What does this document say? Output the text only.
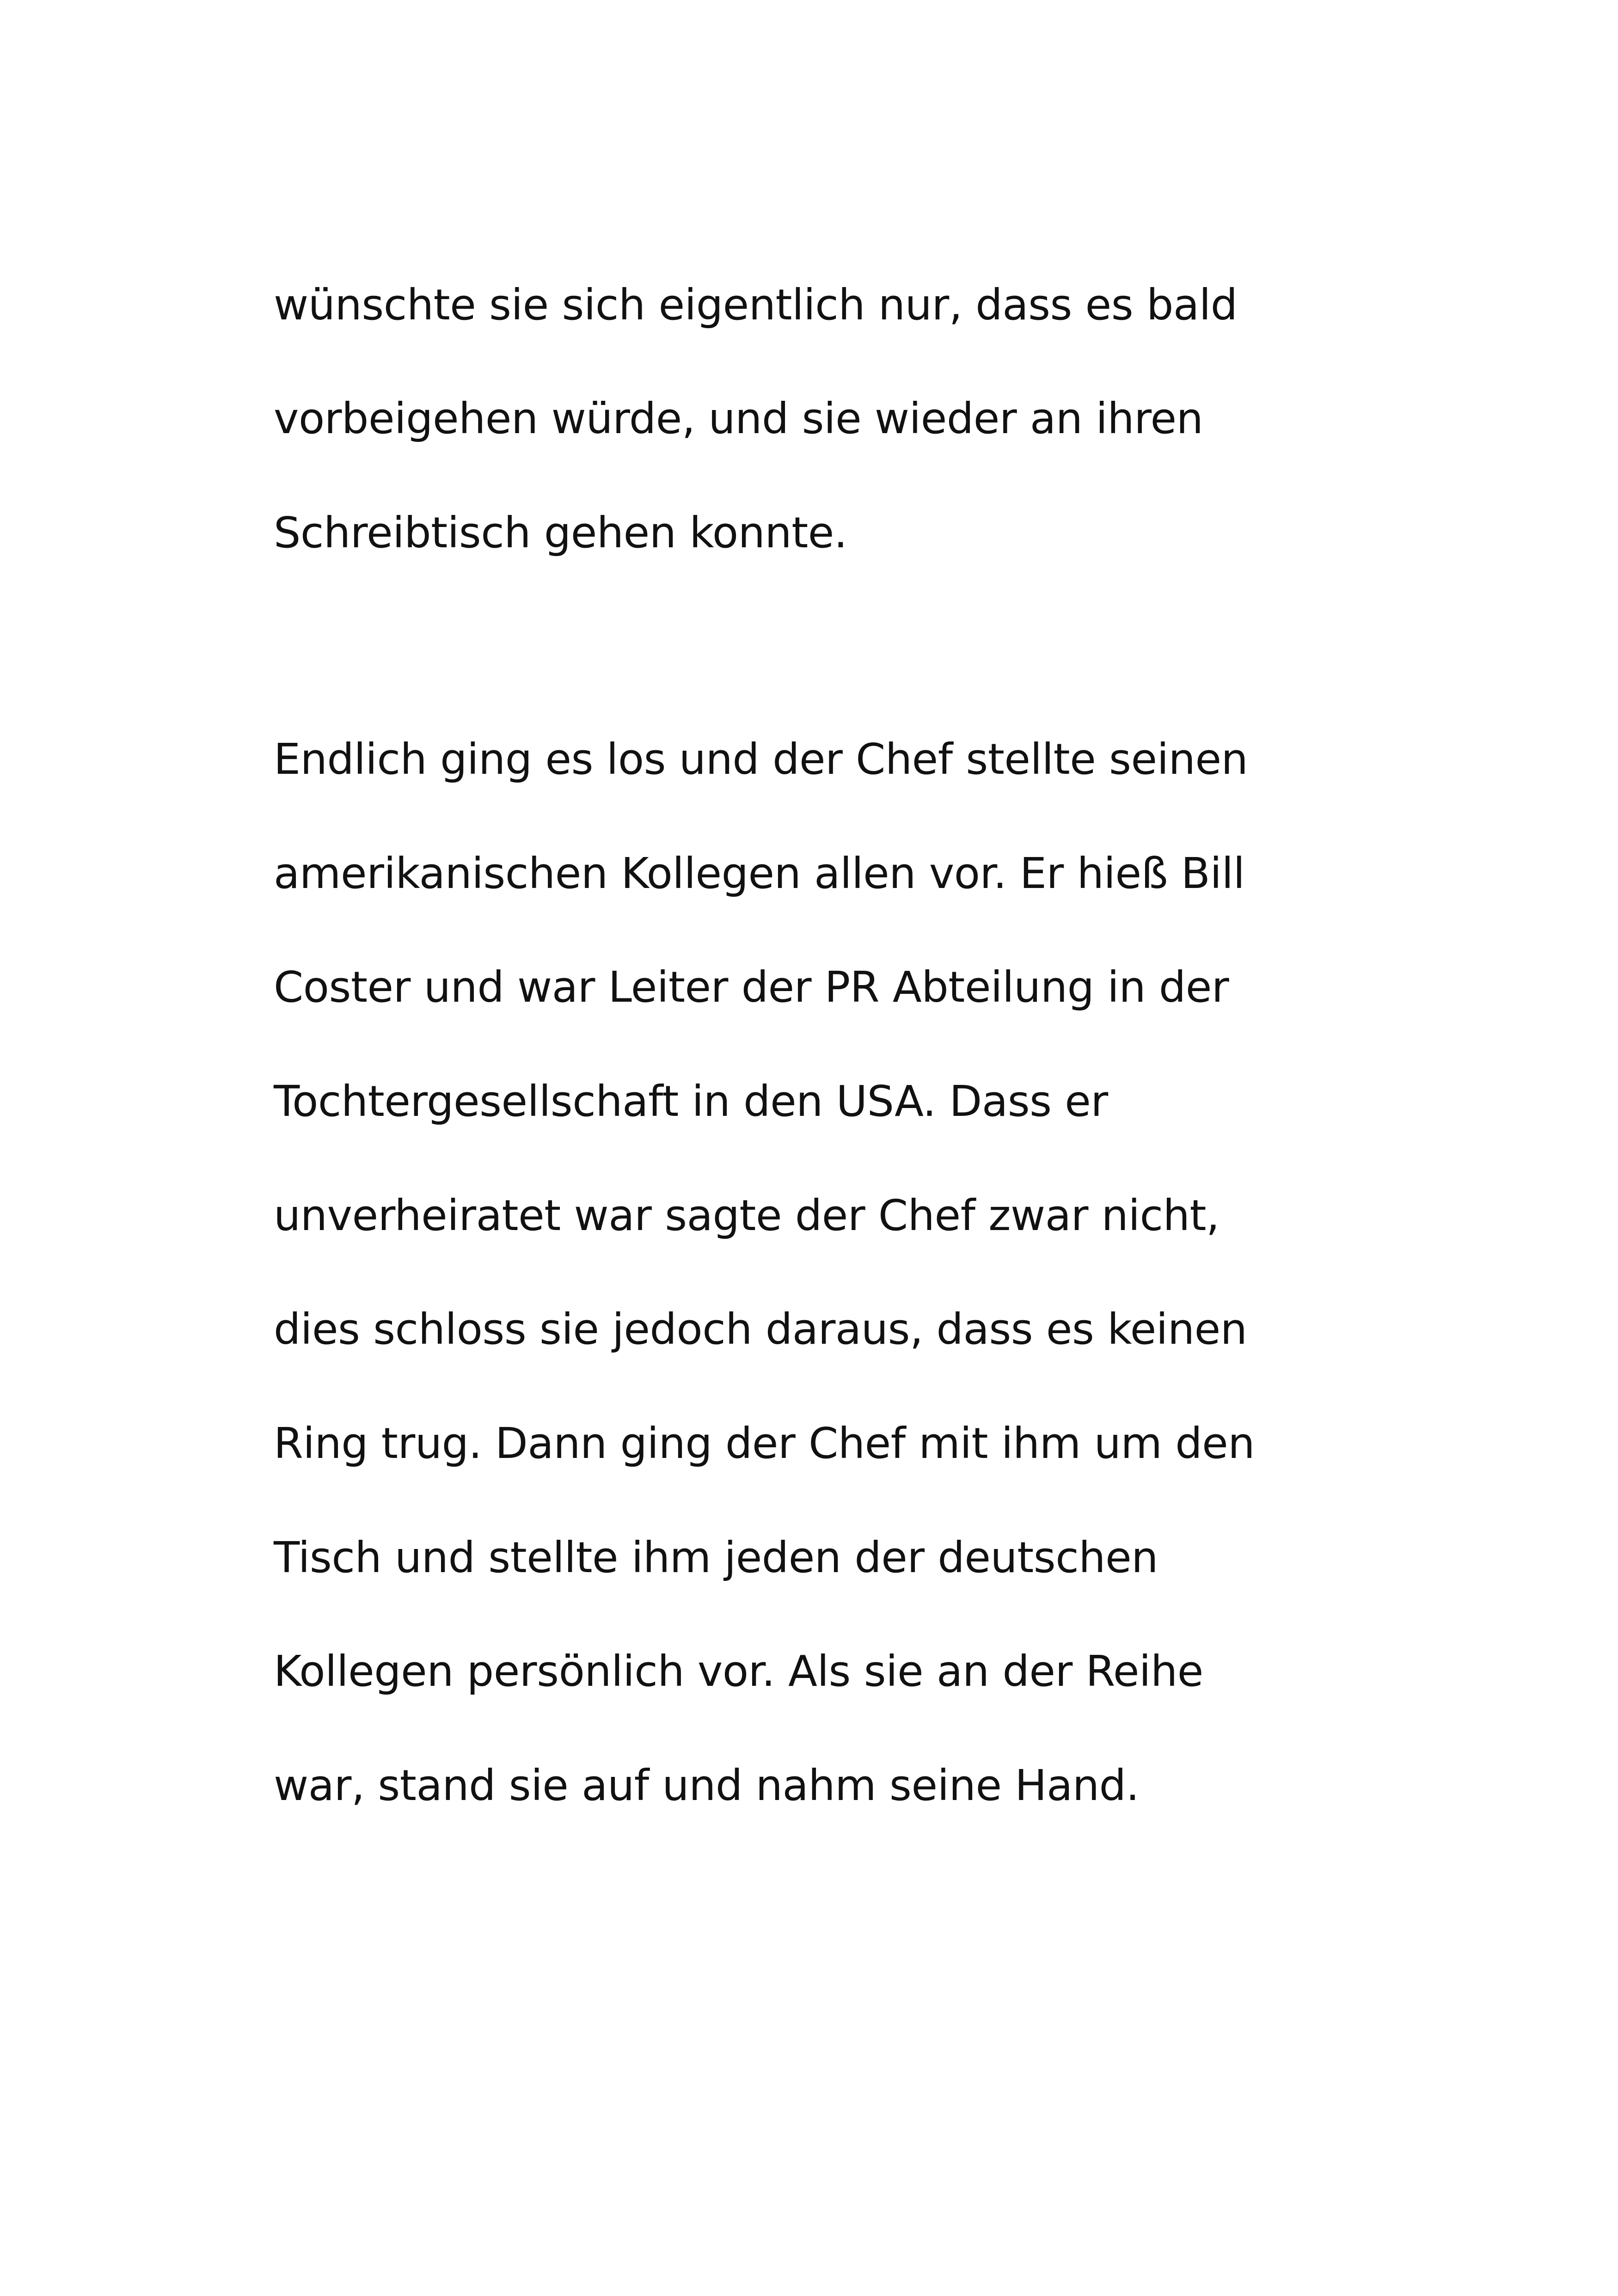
wünschte sie sich eigentlich nur, dass es bald

vorbeigehen würde, und sie wieder an ihren

Schreibtisch gehen konnte.

Endlich ging es los und der Chef stellte seinen

amerikanischen Kollegen allen vor. Er hieß Bill

Coster und war Leiter der PR Abteilung in der

Tochtergesellschaft in den USA. Dass er

unverheiratet war sagte der Chef zwar nicht,

dies schloss sie jedoch daraus, dass es keinen

Ring trug. Dann ging der Chef mit ihm um den

Tisch und stellte ihm jeden der deutschen

Kollegen persönlich vor. Als sie an der Reihe

war, stand sie auf und nahm seine Hand.
